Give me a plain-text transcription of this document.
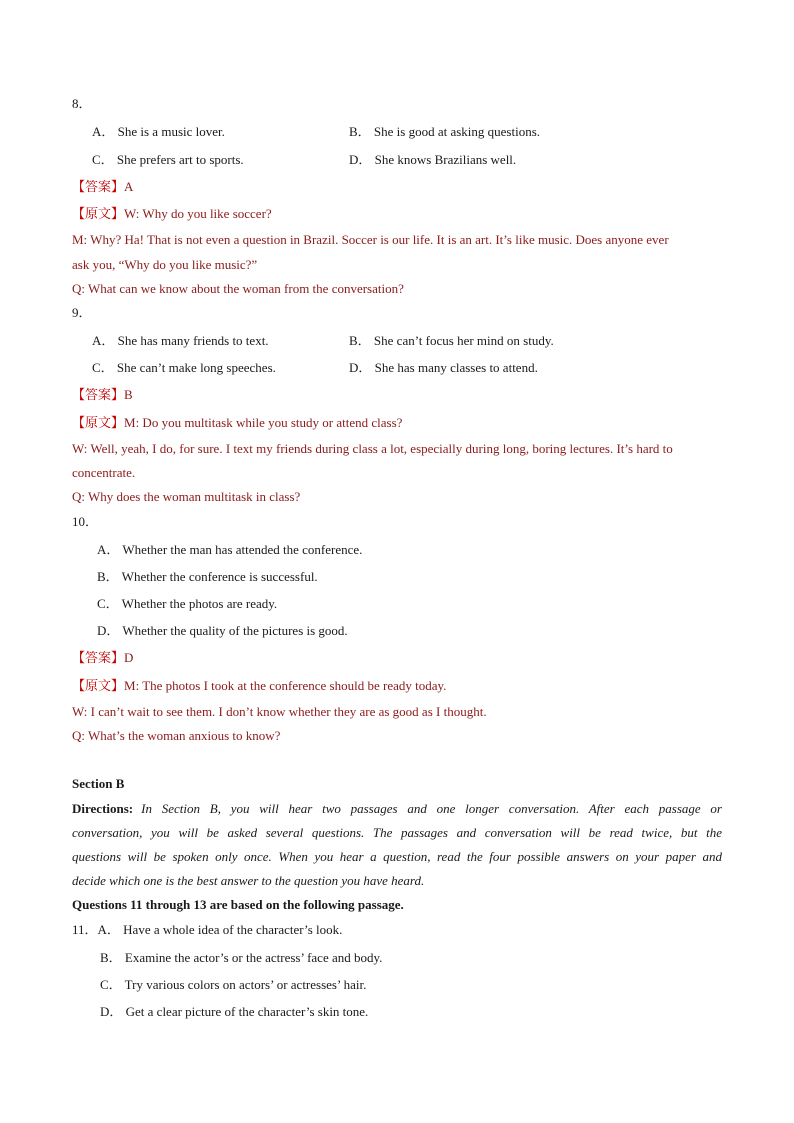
8．
A． She is a music lover.	B． She is good at asking questions.
C． She prefers art to sports.	D． She knows Brazilians well.
【答案】A
【原文】W: Why do you like soccer?
M: Why? Ha! That is not even a question in Brazil. Soccer is our life. It is an art. It’s like music. Does anyone ever
ask you, “Why do you like music?”
Q: What can we know about the woman from the conversation?
9．
A． She has many friends to text.	B． She can’t focus her mind on study.
C． She can’t make long speeches.	D． She has many classes to attend.
【答案】B
【原文】M: Do you multitask while you study or attend class?
W: Well, yeah, I do, for sure. I text my friends during class a lot, especially during long, boring lectures. It’s hard to
concentrate.
Q: Why does the woman multitask in class?
10．
A． Whether the man has attended the conference.
B． Whether the conference is successful.
C． Whether the photos are ready.
D． Whether the quality of the pictures is good.
【答案】D
【原文】M: The photos I took at the conference should be ready today.
W: I can’t wait to see them. I don’t know whether they are as good as I thought.
Q: What’s the woman anxious to know?
Section B
Directions: In Section B, you will hear two passages and one longer conversation. After each passage or
conversation, you will be asked several questions. The passages and conversation will be read twice, but the
questions will be spoken only once. When you hear a question, read the four possible answers on your paper and
decide which one is the best answer to the question you have heard.
Questions 11 through 13 are based on the following passage.
11．A． Have a whole idea of the character’s look.
B． Examine the actor’s or the actress’ face and body.
C． Try various colors on actors’ or actresses’ hair.
D． Get a clear picture of the character’s skin tone.
